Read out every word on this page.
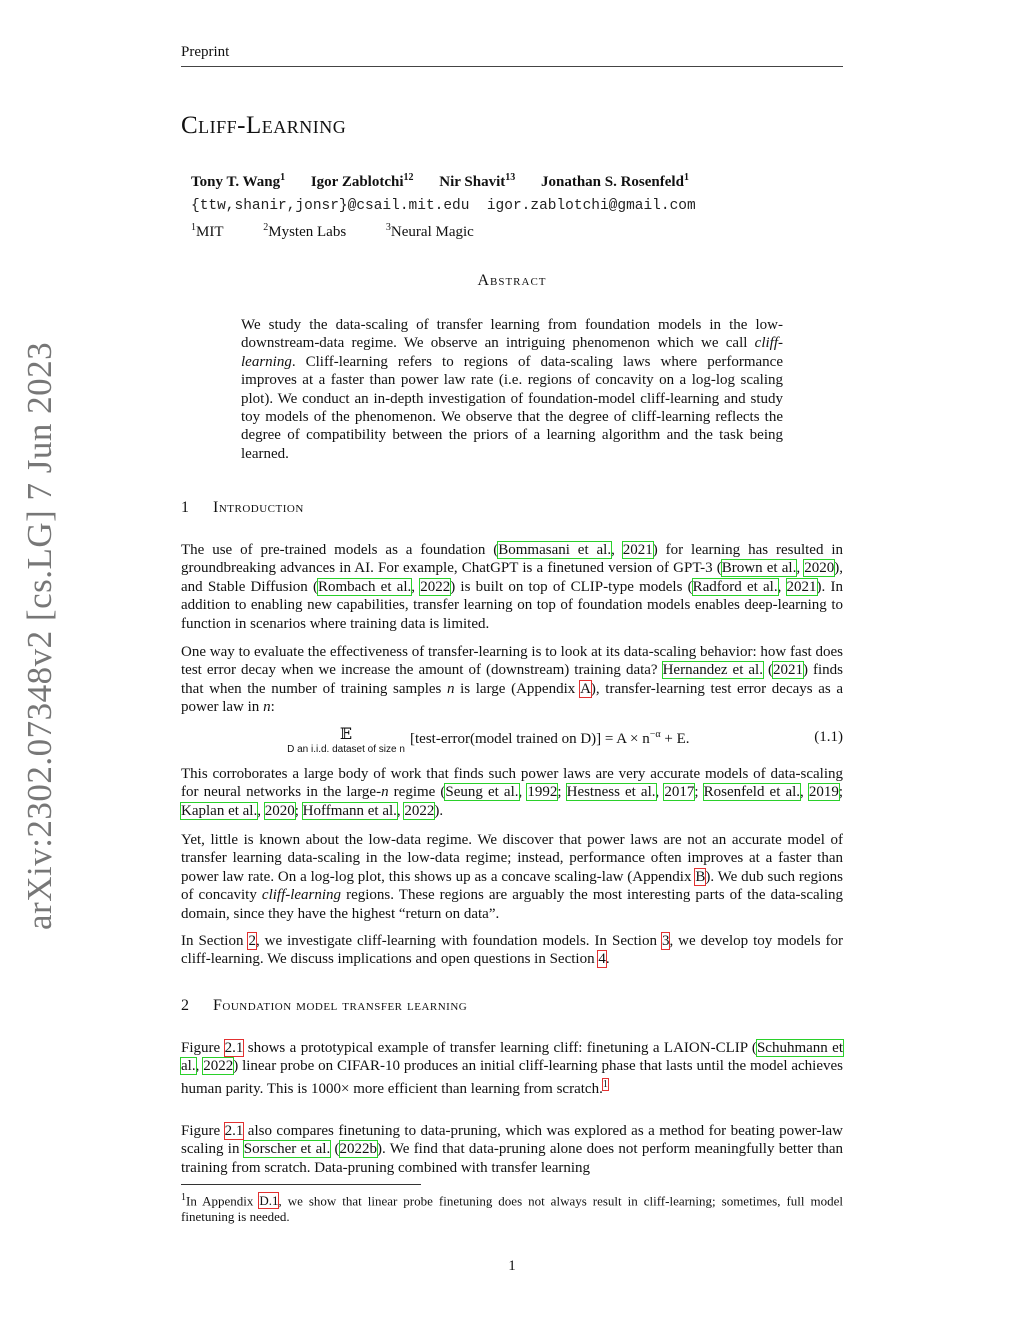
Preprint
arXiv:2302.07348v2 [cs.LG] 7 Jun 2023
Cliff-Learning
Tony T. Wang$^1$ Igor Zablotchi$^{12}$ Nir Shavit$^{13}$ Jonathan S. Rosenfeld$^1$
{ttw,shanir,jonsr}@csail.mit.edu igor.zablotchi@gmail.com
$^1$MIT	$^2$Mysten Labs	$^3$Neural Magic
Abstract
We study the data-scaling of transfer learning from foundation models in the low-downstream-data regime. We observe an intriguing phenomenon which we call cliff-learning. Cliff-learning refers to regions of data-scaling laws where performance improves at a faster than power law rate (i.e. regions of concavity on a log-log scaling plot). We conduct an in-depth investigation of foundation-model cliff-learning and study toy models of the phenomenon. We observe that the degree of cliff-learning reflects the degree of compatibility between the priors of a learning algorithm and the task being learned.
1 Introduction
The use of pre-trained models as a foundation (Bommasani et al., 2021) for learning has resulted in groundbreaking advances in AI. For example, ChatGPT is a finetuned version of GPT-3 (Brown et al., 2020), and Stable Diffusion (Rombach et al., 2022) is built on top of CLIP-type models (Radford et al., 2021). In addition to enabling new capabilities, transfer learning on top of foundation models enables deep-learning to function in scenarios where training data is limited.
One way to evaluate the effectiveness of transfer-learning is to look at its data-scaling behavior: how fast does test error decay when we increase the amount of (downstream) training data? Hernandez et al. (2021) finds that when the number of training samples n is large (Appendix A), transfer-learning test error decays as a power law in n:
𝔼
D an i.i.d. dataset of size n
[test-error(model trained on $D)] = A \times n^{-\alpha} + E$.	(1.1)
This corroborates a large body of work that finds such power laws are very accurate models of data-scaling for neural networks in the large-n regime (Seung et al., 1992; Hestness et al., 2017; Rosenfeld et al., 2019; Kaplan et al., 2020; Hoffmann et al., 2022).
Yet, little is known about the low-data regime. We discover that power laws are not an accurate model of transfer learning data-scaling in the low-data regime; instead, performance often improves at a faster than power law rate. On a log-log plot, this shows up as a concave scaling-law (Appendix B). We dub such regions of concavity cliff-learning regions. These regions are arguably the most interesting parts of the data-scaling domain, since they have the highest “return on data”.
In Section 2, we investigate cliff-learning with foundation models. In Section 3, we develop toy models for cliff-learning. We discuss implications and open questions in Section 4.
2 Foundation model transfer learning
Figure 2.1 shows a prototypical example of transfer learning cliff: finetuning a LAION-CLIP (Schuhmann et al., 2022) linear probe on CIFAR-10 produces an initial cliff-learning phase that lasts until the model achieves human parity. This is 1000× more efficient than learning from scratch.$^1$
Figure 2.1 also compares finetuning to data-pruning, which was explored as a method for beating power-law scaling in Sorscher et al. (2022b). We find that data-pruning alone does not perform meaningfully better than training from scratch. Data-pruning combined with transfer learning
$^1$In Appendix D.1, we show that linear probe finetuning does not always result in cliff-learning; sometimes, full model finetuning is needed.
1
